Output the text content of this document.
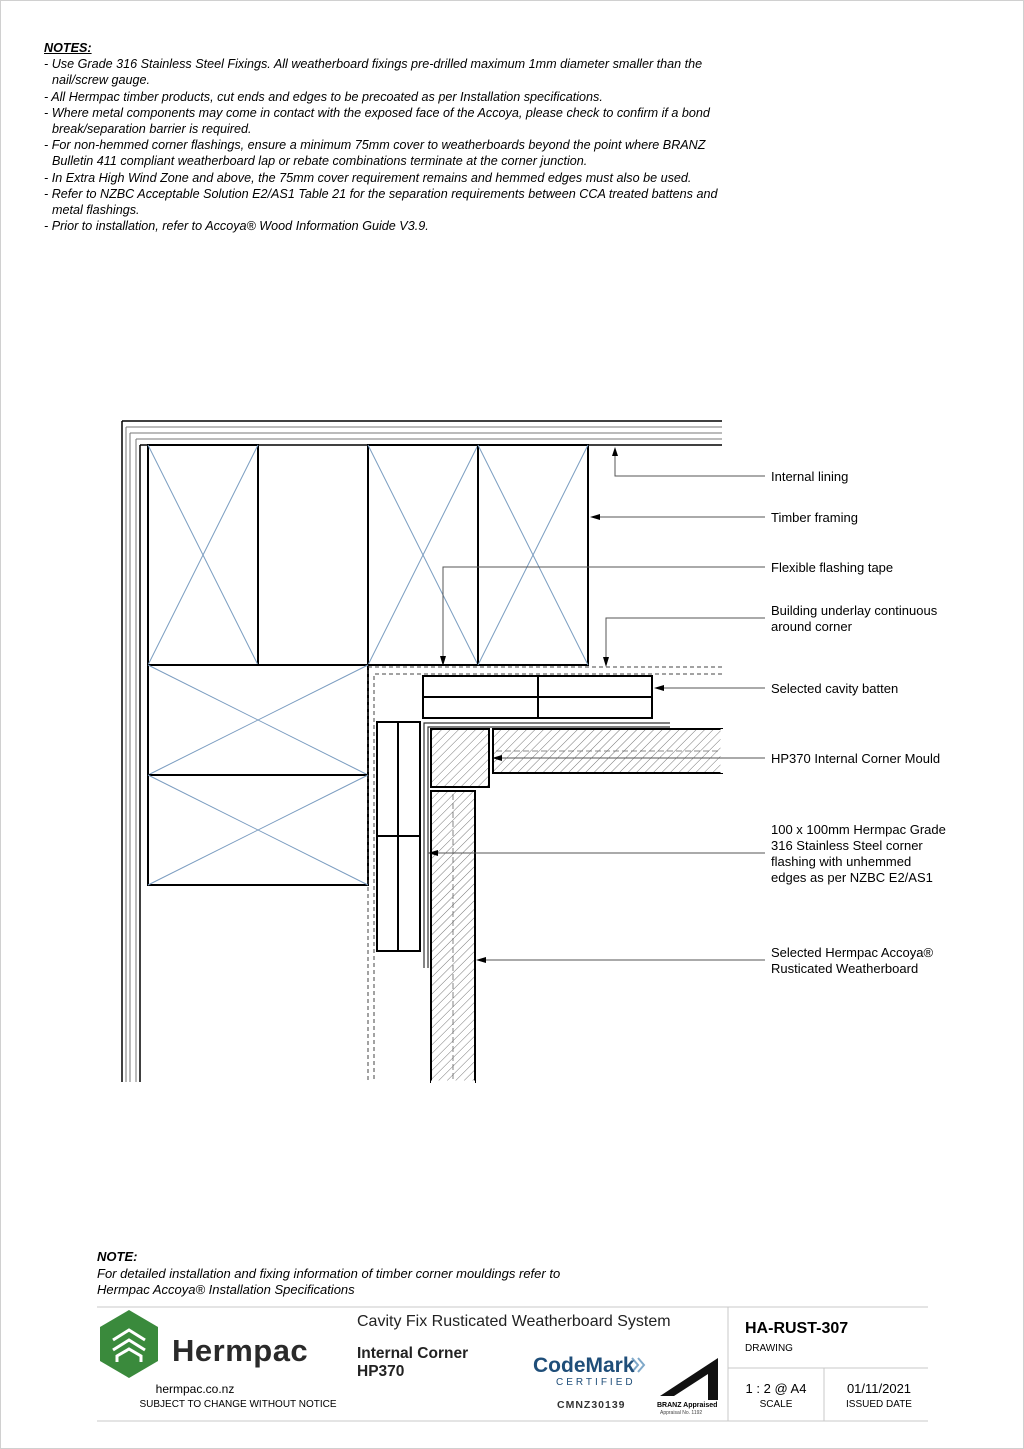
NOTES:
- Use Grade 316 Stainless Steel Fixings. All weatherboard fixings pre-drilled maximum 1mm diameter smaller than the nail/screw gauge.
- All Hermpac timber products, cut ends and edges to be precoated as per Installation specifications.
- Where metal components may come in contact with the exposed face of the Accoya, please check to confirm if a bond break/separation barrier is required.
- For non-hemmed corner flashings, ensure a minimum 75mm cover to weatherboards beyond the point where BRANZ Bulletin 411 compliant weatherboard lap or rebate combinations terminate at the corner junction.
- In Extra High Wind Zone and above, the 75mm cover requirement remains and hemmed edges must also be used.
- Refer to NZBC Acceptable Solution E2/AS1 Table 21 for the separation requirements between CCA treated battens and metal flashings.
- Prior to installation, refer to Accoya® Wood Information Guide V3.9.
Internal lining
Timber framing
Flexible flashing tape
Building underlay continuous
around corner
Selected cavity batten
HP370 Internal Corner Mould
100 x 100mm Hermpac Grade
316 Stainless Steel corner
flashing with unhemmed
edges as per NZBC E2/AS1
Selected Hermpac Accoya®
Rusticated Weatherboard
NOTE:
For detailed installation and fixing information of timber corner mouldings refer to
Hermpac Accoya® Installation Specifications
Hermpac
hermpac.co.nz
SUBJECT TO CHANGE WITHOUT NOTICE
Cavity Fix Rusticated Weatherboard System
Internal Corner
HP370	CodeMark
CERTIFIED
CMNZ30139	BRANZ Appraised
Appraisal No. 1192
HA-RUST-307
DRAWING
1 : 2 @ A4
SCALE
01/11/2021
ISSUED DATE
